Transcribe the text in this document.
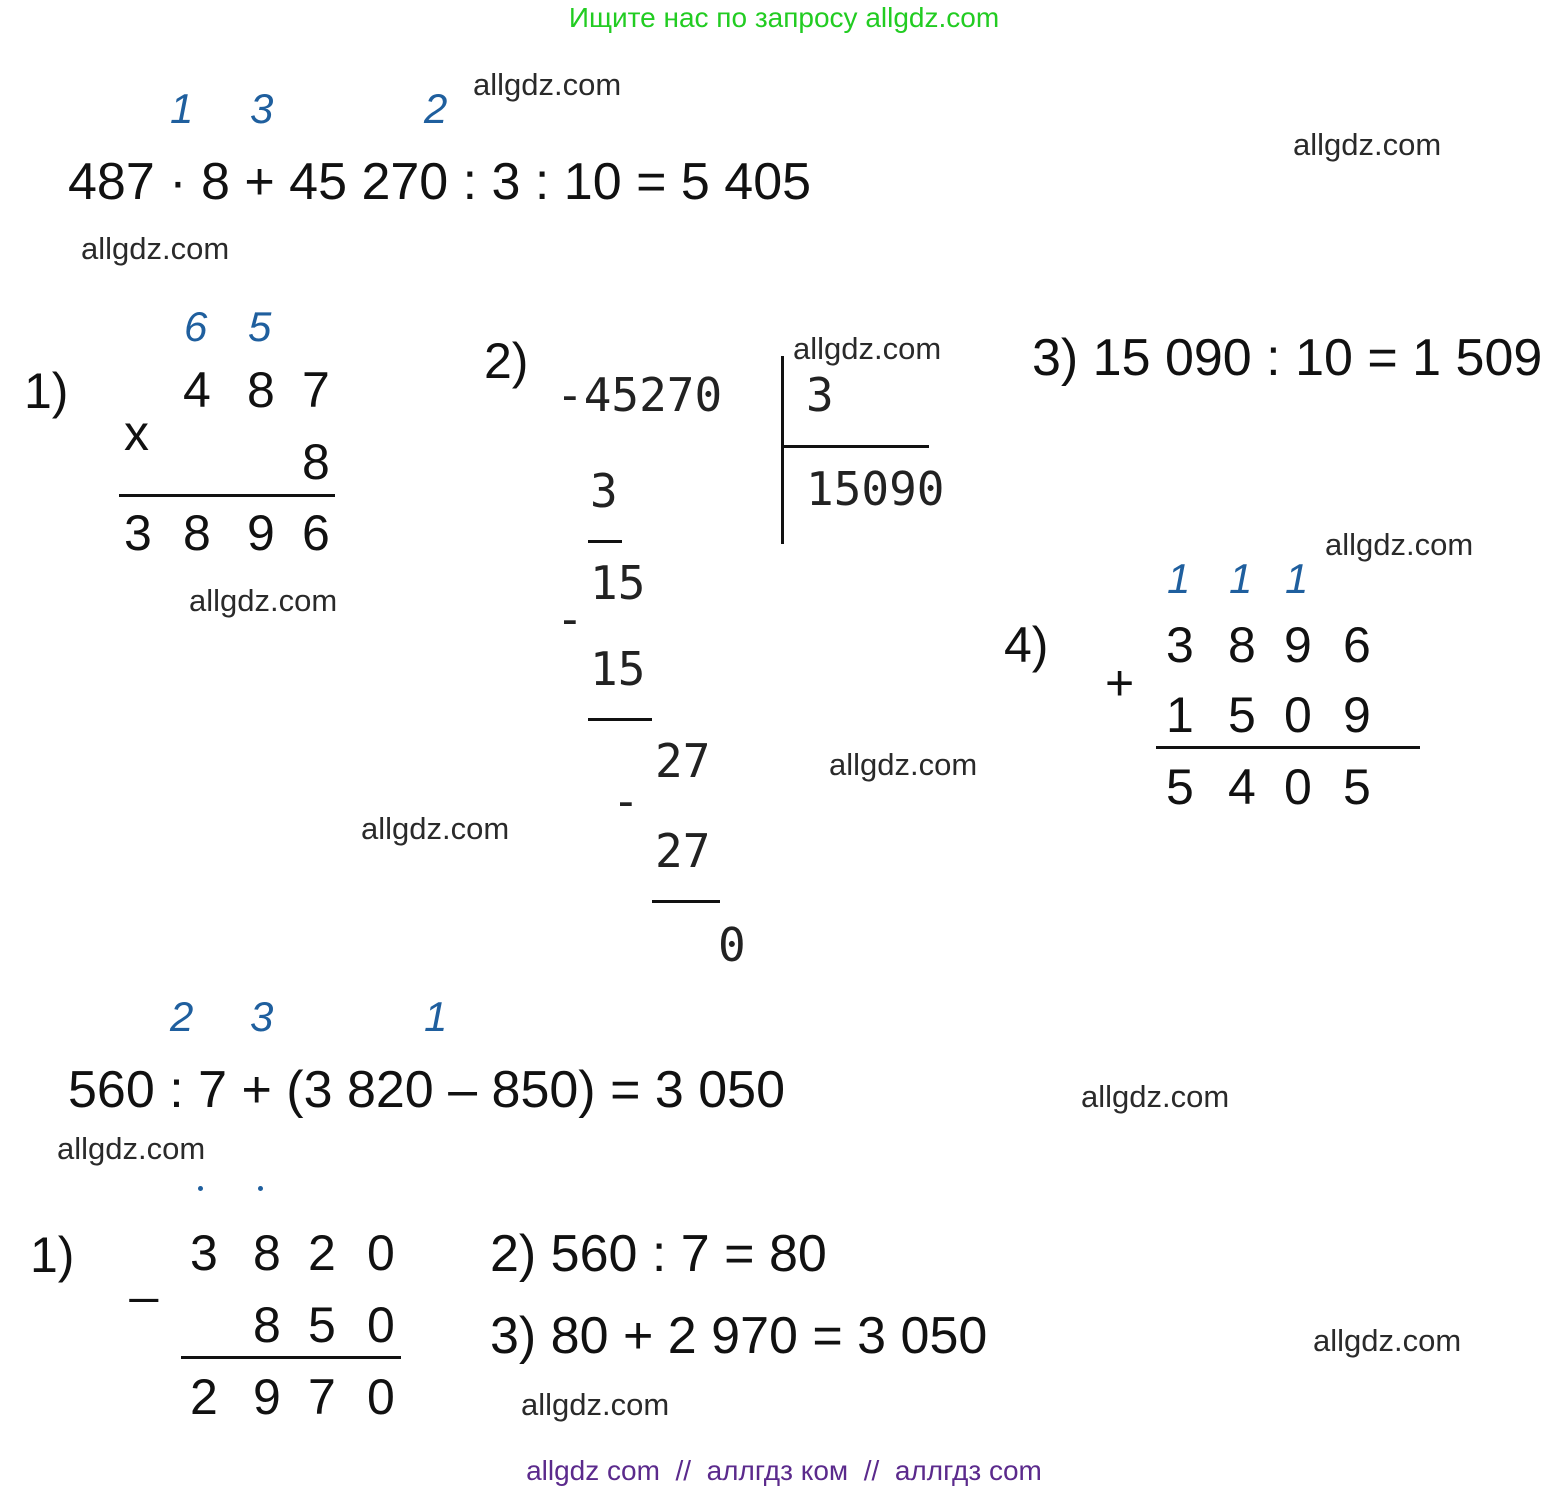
Ищите нас по запросу allgdz.com
allgdz com  //  аллгдз ком  //  аллгдз com
allgdz.com
allgdz.com
allgdz.com
allgdz.com
allgdz.com
allgdz.com
allgdz.com
allgdz.com
allgdz.com
allgdz.com
allgdz.com
allgdz.com
1 3	2
487 · 8 + 45 270 : 3 : 10 = 5 405
1)
6 5
x
4 8 7
8
3 8 9 6
2)
-45270 3
15090
3
15
-
15
27
-
27
0
3) 15 090 : 10 = 1 509
4)
1 1 1
+
3 8 9 6
1 5 0 9
5 4 0 5
2 3	1
560 : 7 + (3 820 – 850) = 3 050
1) _ 3 8 2 0
8 5 0
2 9 7 0
2) 560 : 7 = 80
3) 80 + 2 970 = 3 050
